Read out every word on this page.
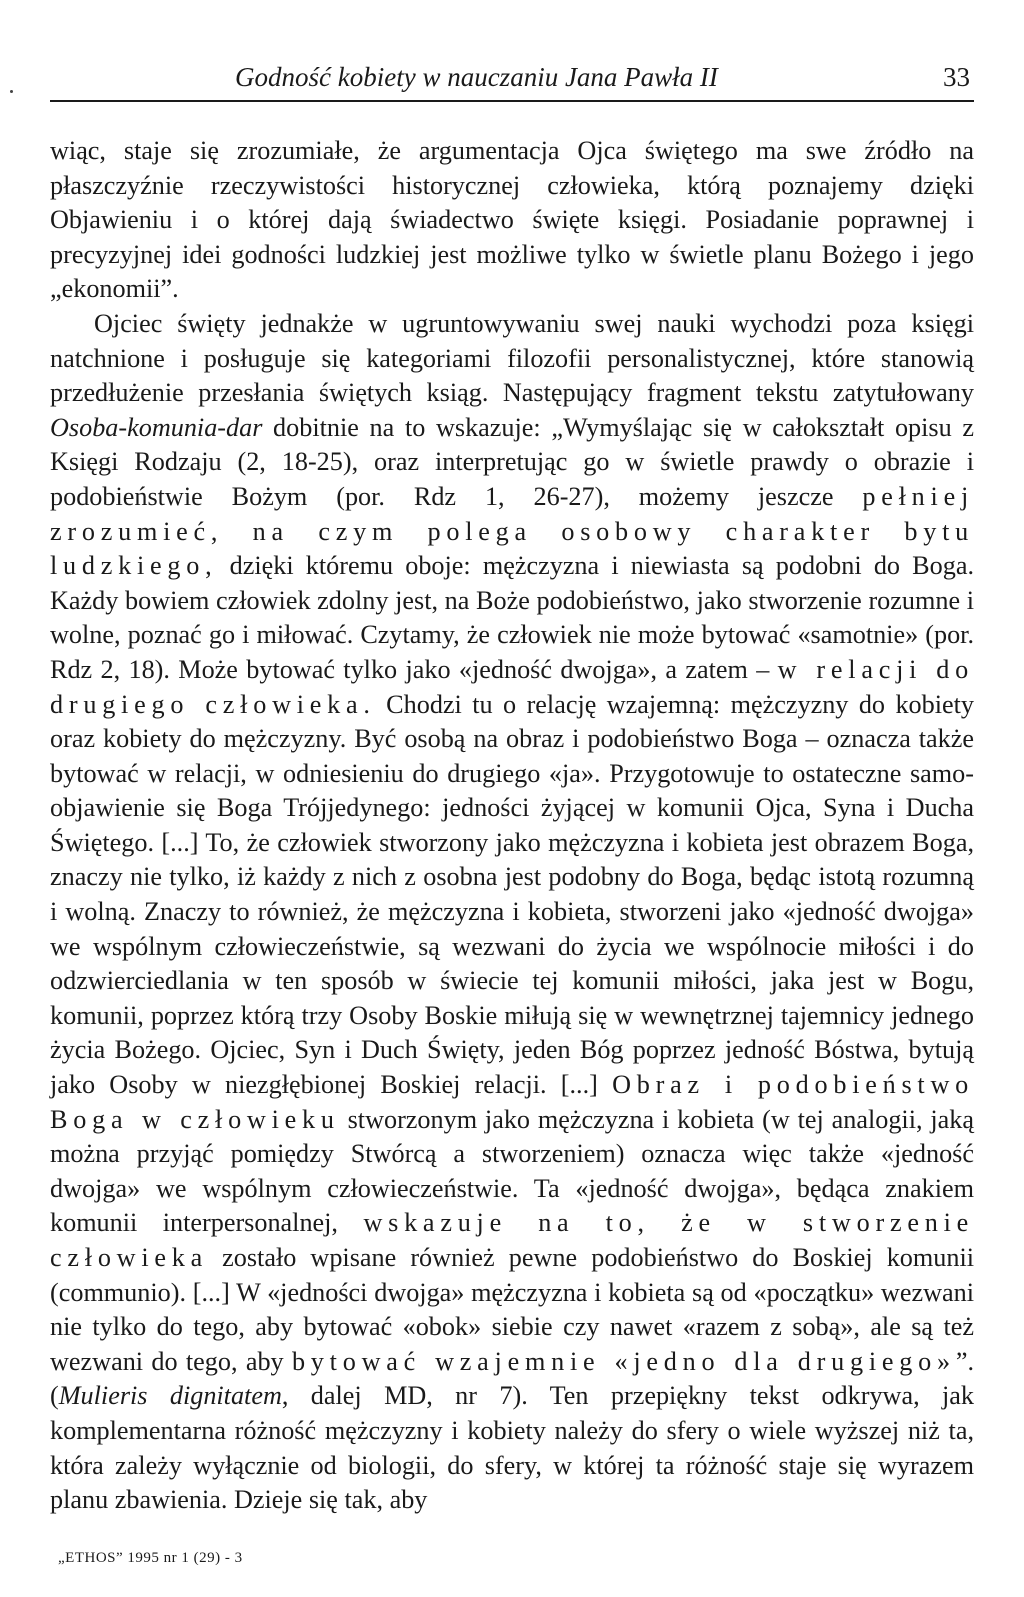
Godność kobiety w nauczaniu Jana Pawła II	33

wiąc, staje się zrozumiałe, że argumentacja Ojca świętego ma swe źródło na płaszczyźnie rzeczywistości historycznej człowieka, którą poznajemy dzięki Objawieniu i o której dają świadectwo święte księgi. Posiadanie poprawnej i precyzyjnej idei godności ludzkiej jest możliwe tylko w świetle planu Bożego i jego „ekonomii”.

Ojciec święty jednakże w ugruntowywaniu swej nauki wychodzi poza księgi natchnione i posługuje się kategoriami filozofii personalistycznej, które stanowią przedłużenie przesłania świętych ksiąg. Następujący fragment tekstu zatytułowany Osoba-komunia-dar dobitnie na to wskazuje: „Wymyślając się w całokształt opisu z Księgi Rodzaju (2, 18-25), oraz interpretując go w świetle prawdy o obrazie i podobieństwie Bożym (por. Rdz 1, 26-27), możemy jeszcze pełniej zrozumieć, na czym polega osobowy charakter bytu ludzkiego, dzięki któremu oboje: mężczyzna i niewiasta są podobni do Boga. Każdy bowiem człowiek zdolny jest, na Boże podobieństwo, jako stworzenie rozumne i wolne, poznać go i miłować. Czytamy, że człowiek nie może bytować «samotnie» (por. Rdz 2, 18). Może bytować tylko jako «jedność dwojga», a zatem – w relacji do drugiego człowieka. Chodzi tu o relację wzajemną: mężczyzny do kobiety oraz kobiety do mężczyzny. Być osobą na obraz i podobieństwo Boga – oznacza także bytować w relacji, w odniesieniu do drugiego «ja». Przygotowuje to ostateczne samoobjawienie się Boga Trójjedynego: jedności żyjącej w komunii Ojca, Syna i Ducha Świętego. [...] To, że człowiek stworzony jako mężczyzna i kobieta jest obrazem Boga, znaczy nie tylko, iż każdy z nich z osobna jest podobny do Boga, będąc istotą rozumną i wolną. Znaczy to również, że mężczyzna i kobieta, stworzeni jako «jedność dwojga» we wspólnym człowieczeństwie, są wezwani do życia we wspólnocie miłości i do odzwierciedlania w ten sposób w świecie tej komunii miłości, jaka jest w Bogu, komunii, poprzez którą trzy Osoby Boskie miłują się w wewnętrznej tajemnicy jednego życia Bożego. Ojciec, Syn i Duch Święty, jeden Bóg poprzez jedność Bóstwa, bytują jako Osoby w niezgłębionej Boskiej relacji. [...] Obraz i podobieństwo Boga w człowieku stworzonym jako mężczyzna i kobieta (w tej analogii, jaką można przyjąć pomiędzy Stwórcą a stworzeniem) oznacza więc także «jedność dwojga» we wspólnym człowieczeństwie. Ta «jedność dwojga», będąca znakiem komunii interpersonalnej, wskazuje na to, że w stworzenie człowieka zostało wpisane również pewne podobieństwo do Boskiej komunii (communio). [...] W «jedności dwojga» mężczyzna i kobieta są od «początku» wezwani nie tylko do tego, aby bytować «obok» siebie czy nawet «razem z sobą», ale są też wezwani do tego, aby bytować wzajemnie «jedno dla drugiego»”. (Mulieris dignitatem, dalej MD, nr 7). Ten przepiękny tekst odkrywa, jak komplementarna różność mężczyzny i kobiety należy do sfery o wiele wyższej niż ta, która zależy wyłącznie od biologii, do sfery, w której ta różność staje się wyrazem planu zbawienia. Dzieje się tak, aby

„ETHOS” 1995 nr 1 (29) - 3
